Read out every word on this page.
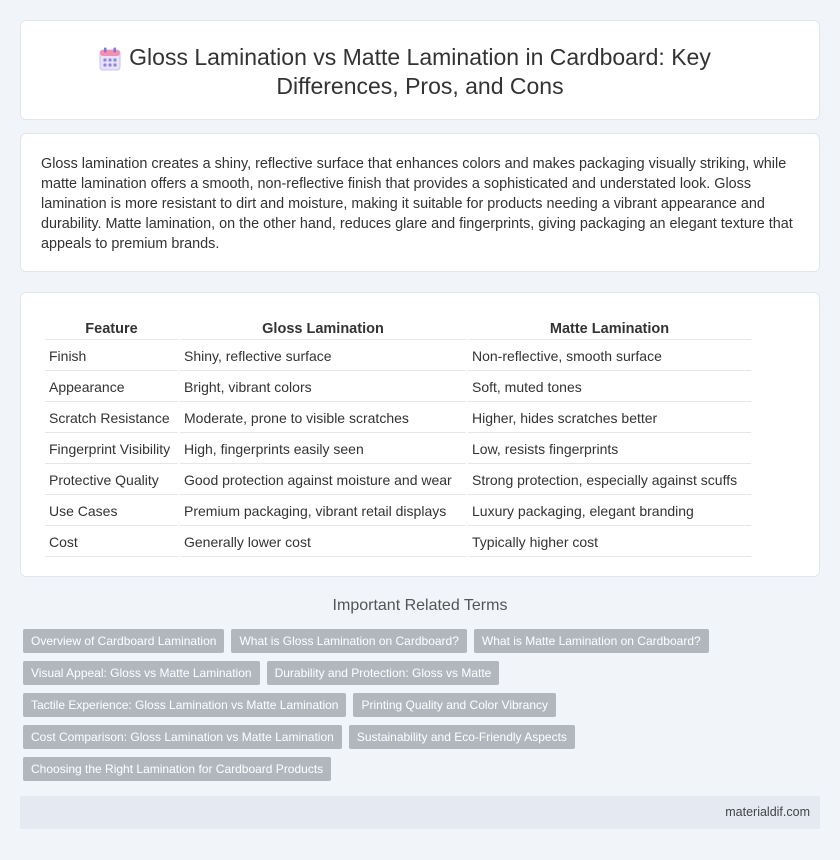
Gloss Lamination vs Matte Lamination in Cardboard: Key Differences, Pros, and Cons

Gloss lamination creates a shiny, reflective surface that enhances colors and makes packaging visually striking, while matte lamination offers a smooth, non-reflective finish that provides a sophisticated and understated look. Gloss lamination is more resistant to dirt and moisture, making it suitable for products needing a vibrant appearance and durability. Matte lamination, on the other hand, reduces glare and fingerprints, giving packaging an elegant texture that appeals to premium brands.

Feature	Gloss Lamination	Matte Lamination
Finish	Shiny, reflective surface	Non-reflective, smooth surface
Appearance	Bright, vibrant colors	Soft, muted tones
Scratch Resistance	Moderate, prone to visible scratches	Higher, hides scratches better
Fingerprint Visibility	High, fingerprints easily seen	Low, resists fingerprints
Protective Quality	Good protection against moisture and wear	Strong protection, especially against scuffs
Use Cases	Premium packaging, vibrant retail displays	Luxury packaging, elegant branding
Cost	Generally lower cost	Typically higher cost
Important Related Terms
Overview of Cardboard Lamination	What is Gloss Lamination on Cardboard?	What is Matte Lamination on Cardboard?
Visual Appeal: Gloss vs Matte Lamination	Durability and Protection: Gloss vs Matte
Tactile Experience: Gloss Lamination vs Matte Lamination	Printing Quality and Color Vibrancy
Cost Comparison: Gloss Lamination vs Matte Lamination	Sustainability and Eco-Friendly Aspects
Choosing the Right Lamination for Cardboard Products
materialdif.com
